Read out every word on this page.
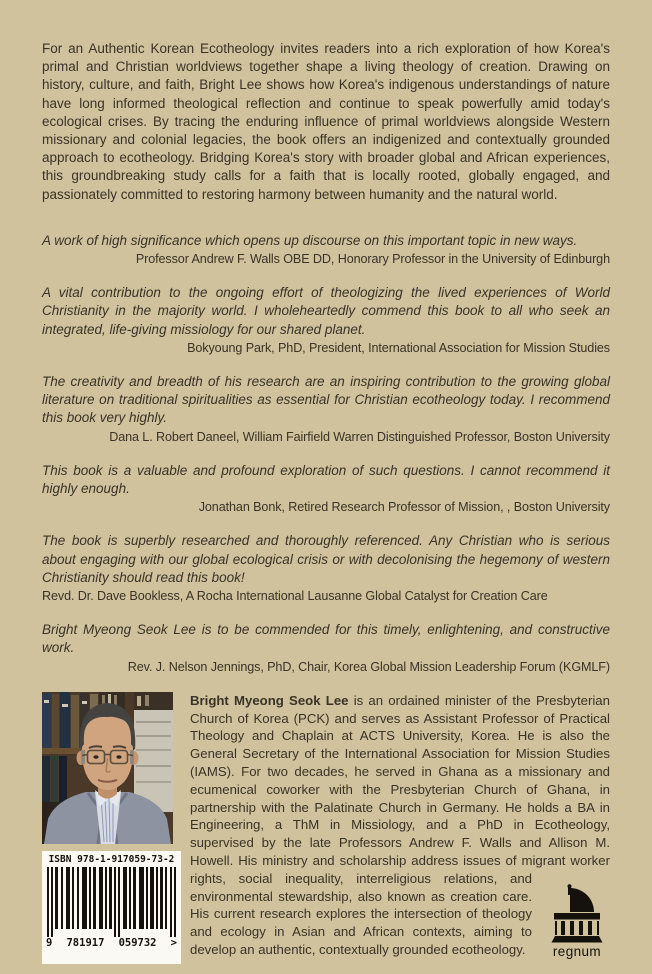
For an Authentic Korean Ecotheology invites readers into a rich exploration of how Korea's primal and Christian worldviews together shape a living theology of creation. Drawing on history, culture, and faith, Bright Lee shows how Korea's indigenous understandings of nature have long informed theological reflection and continue to speak powerfully amid today's ecological crises. By tracing the enduring influence of primal worldviews alongside Western missionary and colonial legacies, the book offers an indigenized and contextually grounded approach to ecotheology. Bridging Korea's story with broader global and African experiences, this groundbreaking study calls for a faith that is locally rooted, globally engaged, and passionately committed to restoring harmony between humanity and the natural world.

A work of high significance which opens up discourse on this important topic in new ways.

Professor Andrew F. Walls OBE DD, Honorary Professor in the University of Edinburgh

A vital contribution to the ongoing effort of theologizing the lived experiences of World Christianity in the majority world. I wholeheartedly commend this book to all who seek an integrated, life-giving missiology for our shared planet.

Bokyoung Park, PhD, President, International Association for Mission Studies

The creativity and breadth of his research are an inspiring contribution to the growing global literature on traditional spiritualities as essential for Christian ecotheology today. I recommend this book very highly.

Dana L. Robert Daneel, William Fairfield Warren Distinguished Professor, Boston University

This book is a valuable and profound exploration of such questions. I cannot recommend it highly enough.

Jonathan Bonk, Retired Research Professor of Mission, , Boston University

The book is superbly researched and thoroughly referenced. Any Christian who is serious about engaging with our global ecological crisis or with decolonising the hegemony of western Christianity should read this book!

Revd. Dr. Dave Bookless, A Rocha International Lausanne Global Catalyst for Creation Care

Bright Myeong Seok Lee is to be commended for this timely, enlightening, and constructive work.

Rev. J. Nelson Jennings, PhD, Chair, Korea Global Mission Leadership Forum (KGMLF)

ISBN 978-1-917059-73-2
9 781917 059732 >
regnum

Bright Myeong Seok Lee is an ordained minister of the Presbyterian Church of Korea (PCK) and serves as Assistant Professor of Practical Theology and Chaplain at ACTS University, Korea. He is also the General Secretary of the International Association for Mission Studies (IAMS). For two decades, he served in Ghana as a missionary and ecumenical coworker with the Presbyterian Church of Ghana, in partnership with the Palatinate Church in Germany. He holds a BA in Engineering, a ThM in Missiology, and a PhD in Ecotheology, supervised by the late Professors Andrew F. Walls and Allison M. Howell. His ministry and scholarship address issues of migrant worker rights, social inequality, interreligious relations, and environmental stewardship, also known as creation care. His current research explores the intersection of theology and ecology in Asian and African contexts, aiming to develop an authentic, contextually grounded ecotheology.
